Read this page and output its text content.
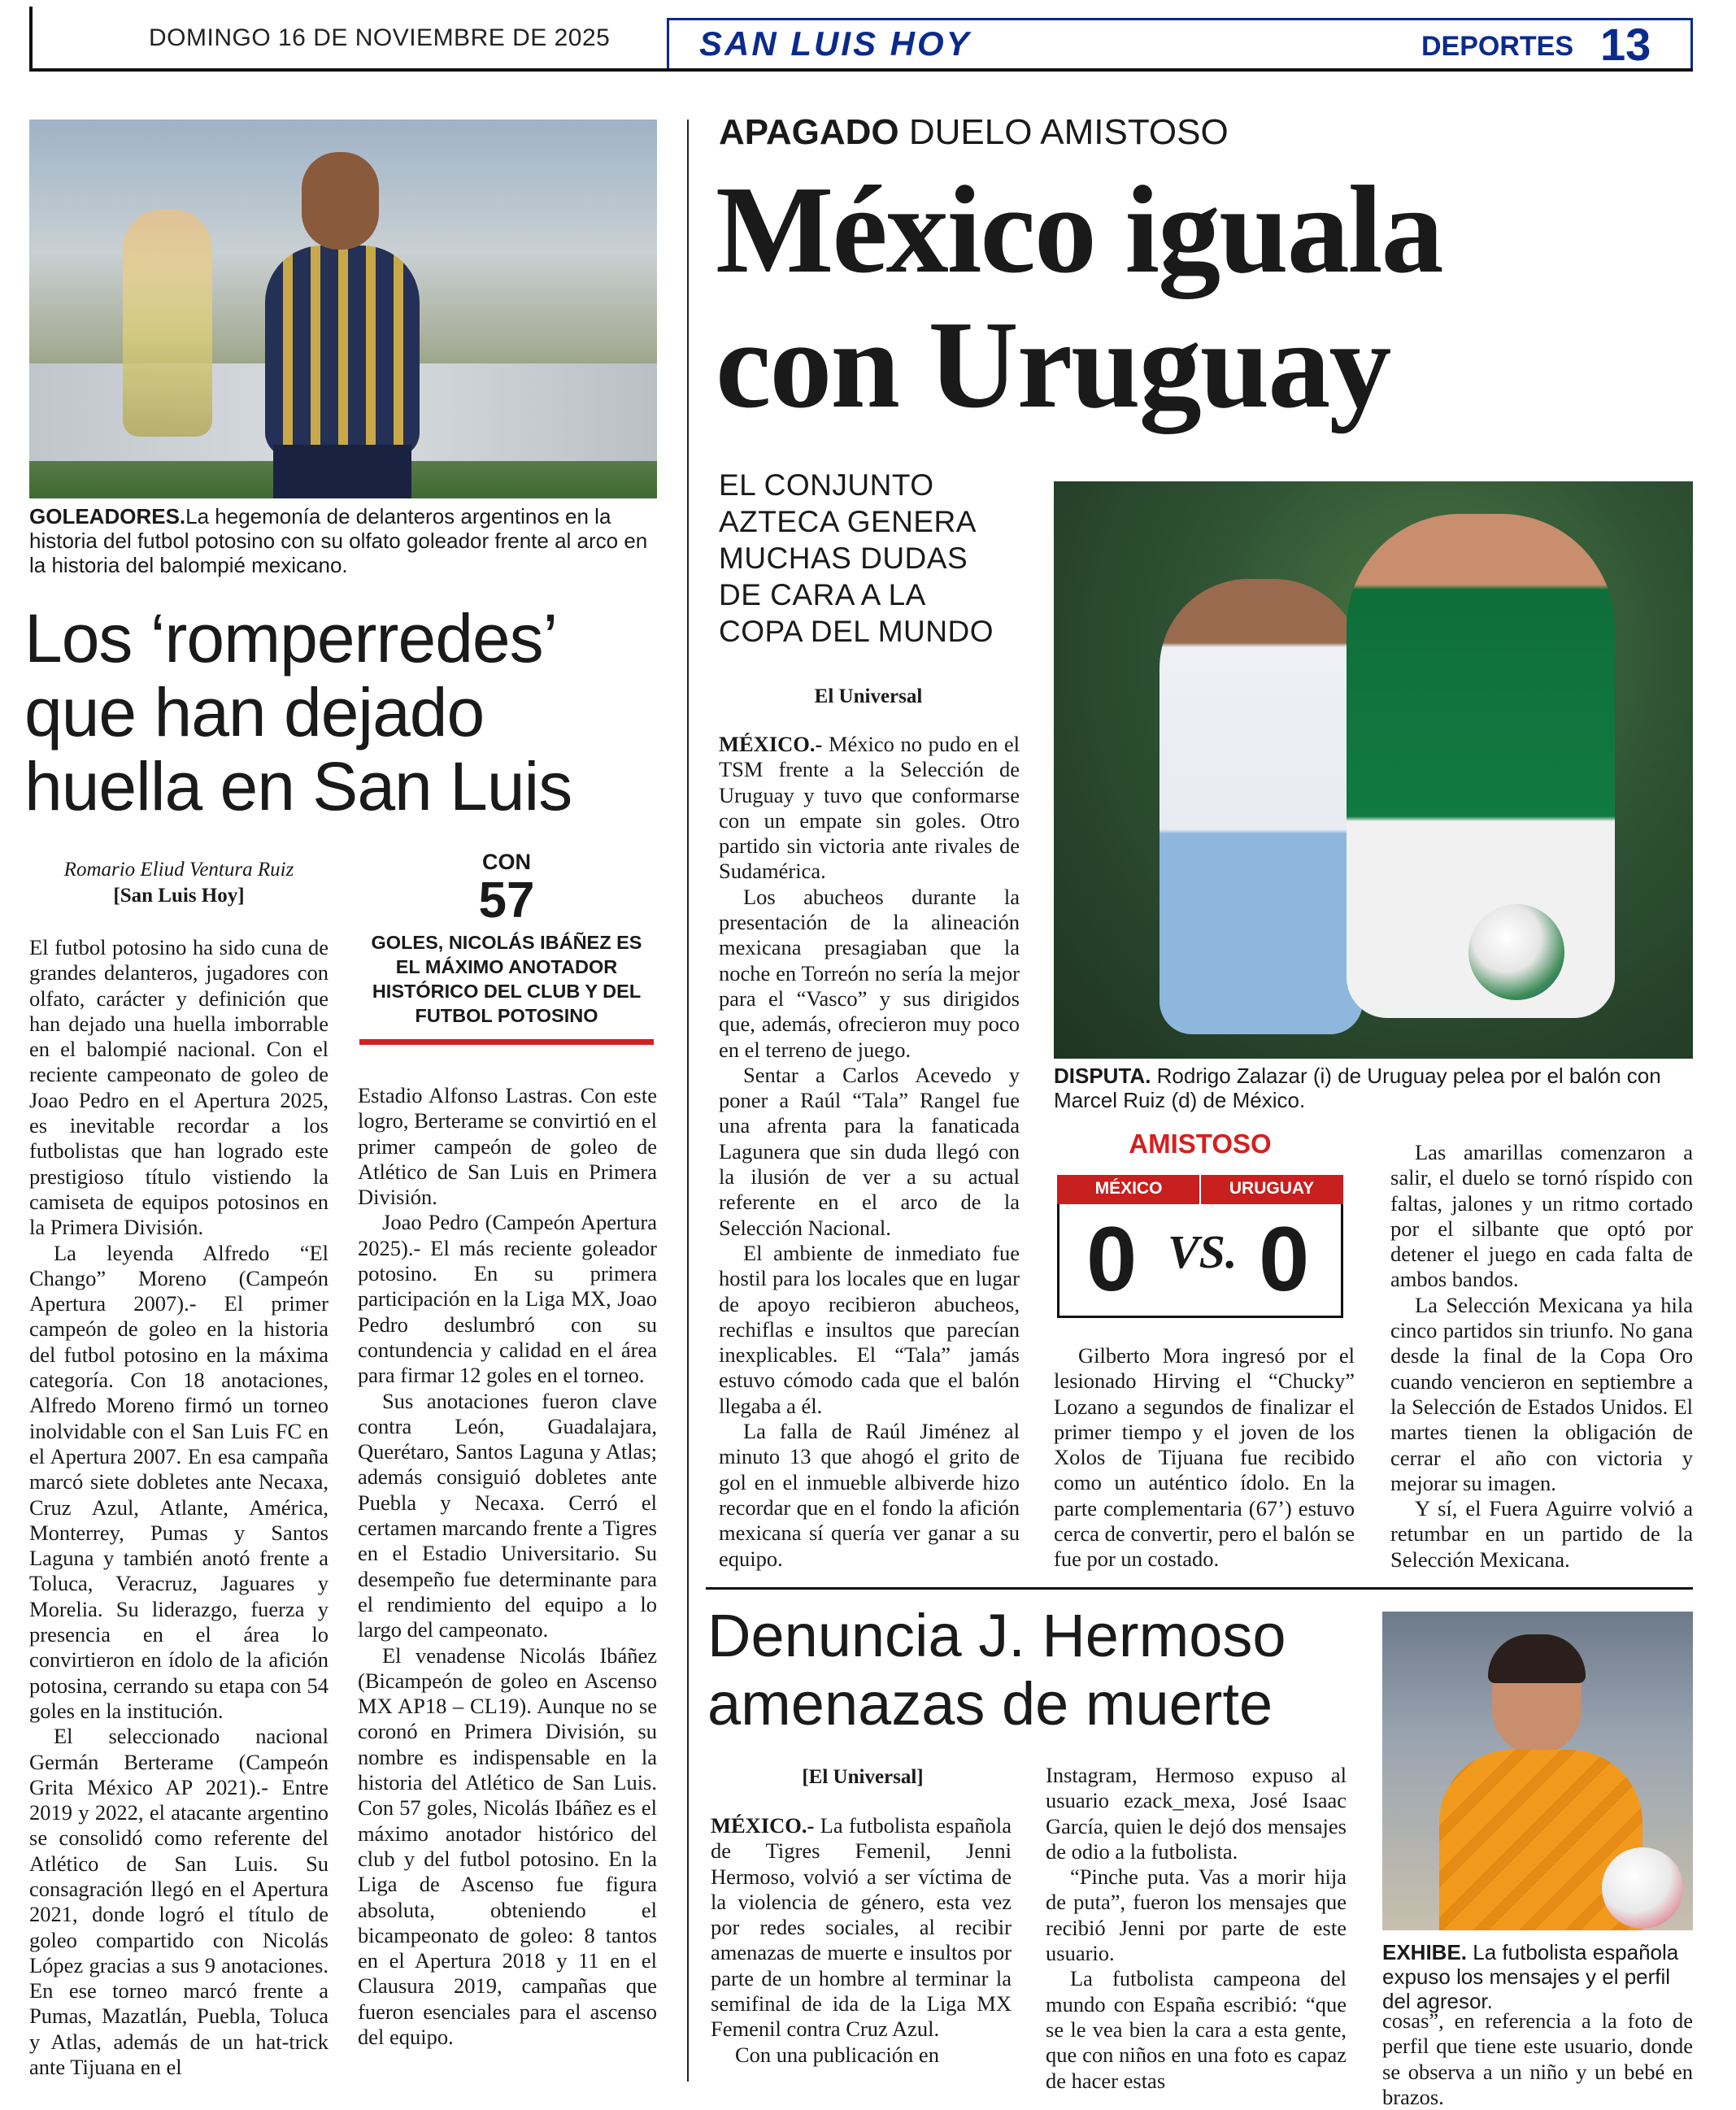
DOMINGO 16 DE NOVIEMBRE DE 2025	SAN LUIS HOY	DEPORTES 13
GOLEADORES.La hegemonía de delanteros argentinos en la historia del futbol potosino con su olfato goleador frente al arco en la historia del balompié mexicano.
Los ‘romperredes’
que han dejado
huella en San Luis
Romario Eliud Ventura Ruiz
[San Luis Hoy]
CON
57
GOLES, NICOLÁS IBÁÑEZ ES EL MÁXIMO ANOTADOR HISTÓRICO DEL CLUB Y DEL FUTBOL POTOSINO

El futbol potosino ha sido cuna de grandes delanteros, jugadores con olfato, carácter y definición que han dejado una huella imborrable en el balompié nacional. Con el reciente campeonato de goleo de Joao Pedro en el Apertura 2025, es inevitable recordar a los futbolistas que han logrado este prestigioso título vistiendo la camiseta de equipos potosinos en la Primera División.

La leyenda Alfredo “El Chango” Moreno (Campeón Apertura 2007).- El primer campeón de goleo en la historia del futbol potosino en la máxima categoría. Con 18 anotaciones, Alfredo Moreno firmó un torneo inolvidable con el San Luis FC en el Apertura 2007. En esa campaña marcó siete dobletes ante Necaxa, Cruz Azul, Atlante, América, Monterrey, Pumas y Santos Laguna y también anotó frente a Toluca, Veracruz, Jaguares y Morelia. Su liderazgo, fuerza y presencia en el área lo convirtieron en ídolo de la afición potosina, cerrando su etapa con 54 goles en la institución.

El seleccionado nacional Germán Berterame (Campeón Grita México AP 2021).- Entre 2019 y 2022, el atacante argentino se consolidó como referente del Atlético de San Luis. Su consagración llegó en el Apertura 2021, donde logró el título de goleo compartido con Nicolás López gracias a sus 9 anotaciones. En ese torneo marcó frente a Pumas, Mazatlán, Puebla, Toluca y Atlas, además de un hat-trick ante Tijuana en el

Estadio Alfonso Lastras. Con este logro, Berterame se convirtió en el primer campeón de goleo de Atlético de San Luis en Primera División.

Joao Pedro (Campeón Apertura 2025).- El más reciente goleador potosino. En su primera participación en la Liga MX, Joao Pedro deslumbró con su contundencia y calidad en el área para firmar 12 goles en el torneo.

Sus anotaciones fueron clave contra León, Guadalajara, Querétaro, Santos Laguna y Atlas; además consiguió dobletes ante Puebla y Necaxa. Cerró el certamen marcando frente a Tigres en el Estadio Universitario. Su desempeño fue determinante para el rendimiento del equipo a lo largo del campeonato.

El venadense Nicolás Ibáñez (Bicampeón de goleo en Ascenso MX AP18 – CL19). Aunque no se coronó en Primera División, su nombre es indispensable en la historia del Atlético de San Luis. Con 57 goles, Nicolás Ibáñez es el máximo anotador histórico del club y del futbol potosino. En la Liga de Ascenso fue figura absoluta, obteniendo el bicampeonato de goleo: 8 tantos en el Apertura 2018 y 11 en el Clausura 2019, campañas que fueron esenciales para el ascenso del equipo.

APAGADO DUELO AMISTOSO
México iguala
con Uruguay
EL CONJUNTO
AZTECA GENERA
MUCHAS DUDAS
DE CARA A LA
COPA DEL MUNDO
El Universal

MÉXICO.- México no pudo en el TSM frente a la Selección de Uruguay y tuvo que conformarse con un empate sin goles. Otro partido sin victoria ante rivales de Sudamérica.

Los abucheos durante la presentación de la alineación mexicana presagiaban que la noche en Torreón no sería la mejor para el “Vasco” y sus dirigidos que, además, ofrecieron muy poco en el terreno de juego.

Sentar a Carlos Acevedo y poner a Raúl “Tala” Rangel fue una afrenta para la fanaticada Lagunera que sin duda llegó con la ilusión de ver a su actual referente en el arco de la Selección Nacional.

El ambiente de inmediato fue hostil para los locales que en lugar de apoyo recibieron abucheos, rechiflas e insultos que parecían inexplicables. El “Tala” jamás estuvo cómodo cada que el balón llegaba a él.

La falla de Raúl Jiménez al minuto 13 que ahogó el grito de gol en el inmueble albiverde hizo recordar que en el fondo la afición mexicana sí quería ver ganar a su equipo.

DISPUTA. Rodrigo Zalazar (i) de Uruguay pelea por el balón con Marcel Ruiz (d) de México.
AMISTOSO
MÉXICO	URUGUAY
0 VS. 0

Gilberto Mora ingresó por el lesionado Hirving el “Chucky” Lozano a segundos de finalizar el primer tiempo y el joven de los Xolos de Tijuana fue recibido como un auténtico ídolo. En la parte complementaria (67’) estuvo cerca de convertir, pero el balón se fue por un costado.

Las amarillas comenzaron a salir, el duelo se tornó ríspido con faltas, jalones y un ritmo cortado por el silbante que optó por detener el juego en cada falta de ambos bandos.

La Selección Mexicana ya hila cinco partidos sin triunfo. No gana desde la final de la Copa Oro cuando vencieron en septiembre a la Selección de Estados Unidos. El martes tienen la obligación de cerrar el año con victoria y mejorar su imagen.

Y sí, el Fuera Aguirre volvió a retumbar en un partido de la Selección Mexicana.

Denuncia J. Hermoso
amenazas de muerte
[El Universal]

MÉXICO.- La futbolista española de Tigres Femenil, Jenni Hermoso, volvió a ser víctima de la violencia de género, esta vez por redes sociales, al recibir amenazas de muerte e insultos por parte de un hombre al terminar la semifinal de ida de la Liga MX Femenil contra Cruz Azul.

Con una publicación en

Instagram, Hermoso expuso al usuario ezack_mexa, José Isaac García, quien le dejó dos mensajes de odio a la futbolista.

“Pinche puta. Vas a morir hija de puta”, fueron los mensajes que recibió Jenni por parte de este usuario.

La futbolista campeona del mundo con España escribió: “que se le vea bien la cara a esta gente, que con niños en una foto es capaz de hacer estas

EXHIBE. La futbolista española expuso los mensajes y el perfil del agresor.

cosas”, en referencia a la foto de perfil que tiene este usuario, donde se observa a un niño y un bebé en brazos.
